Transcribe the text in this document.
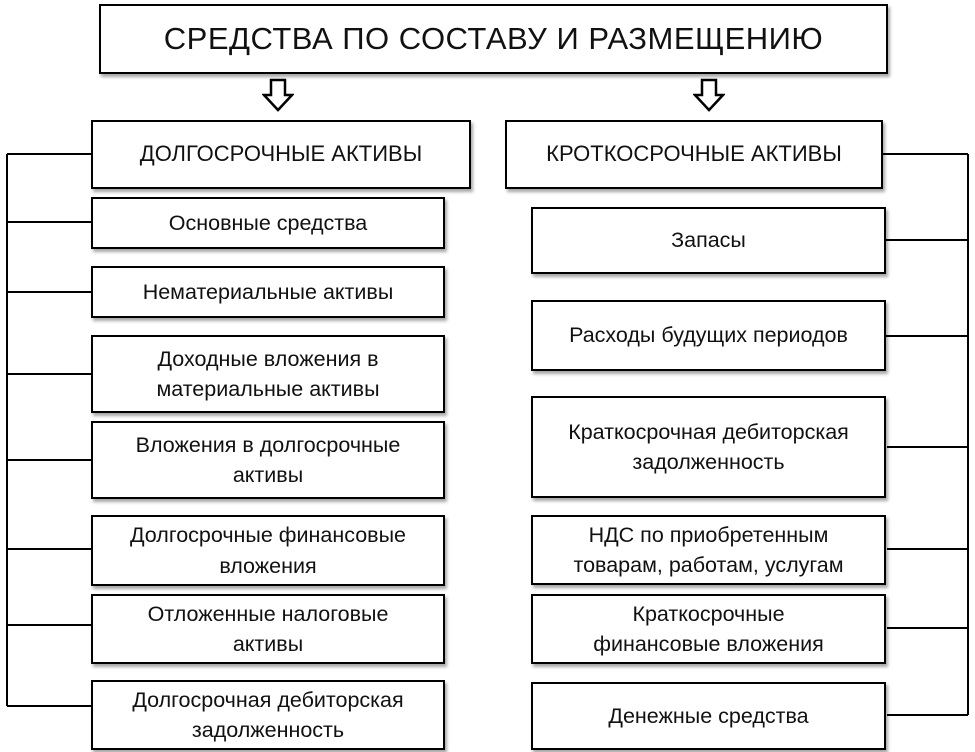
СРЕДСТВА ПО СОСТАВУ И РАЗМЕЩЕНИЮ
ДОЛГОСРОЧНЫЕ АКТИВЫ	КРОТКОСРОЧНЫЕ АКТИВЫ
Основные средства
Нематериальные активы
Доходные вложения в
материальные активы
Вложения в долгосрочные
активы
Долгосрочные финансовые
вложения
Отложенные налоговые
активы
Долгосрочная дебиторская
задолженность
Запасы
Расходы будущих периодов
Краткосрочная дебиторская
задолженность
НДС по приобретенным
товарам, работам, услугам
Краткосрочные
финансовые вложения
Денежные средства
